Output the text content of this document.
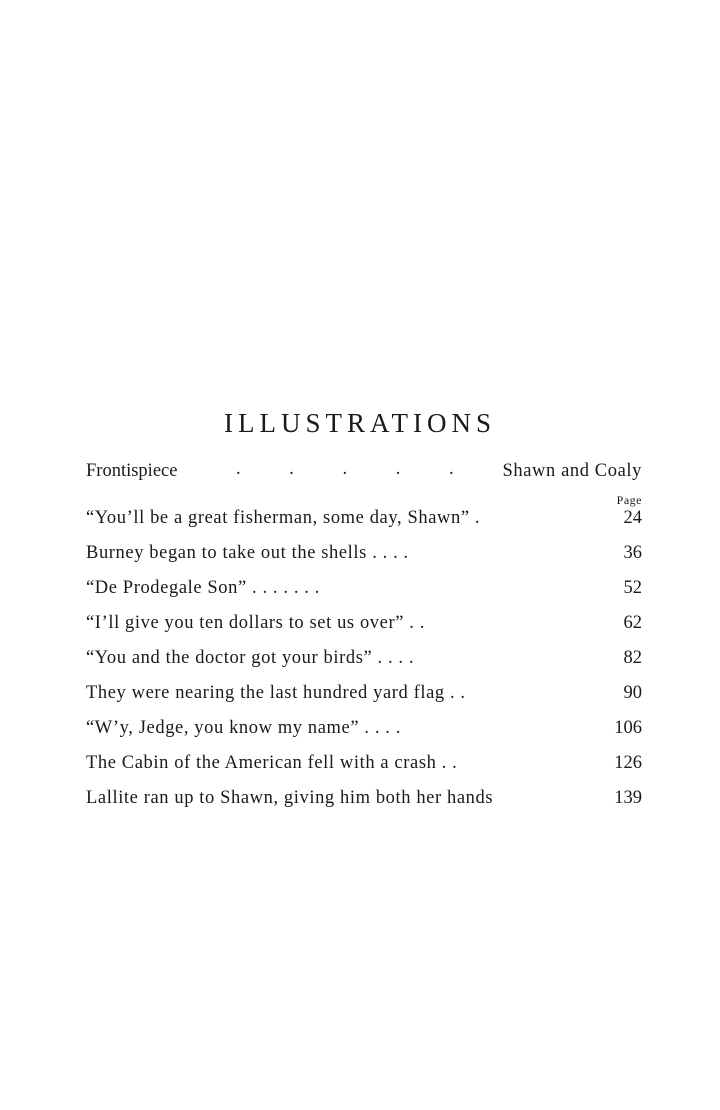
ILLUSTRATIONS
Frontispiece	. . . . . Shawn and Coaly
Page
“You’ll be a great fisherman, some day, Shawn” .	24
Burney began to take out the shells . . . .	36
“De Prodegale Son” . . . . . . .	52
“I’ll give you ten dollars to set us over” . .	62
“You and the doctor got your birds” . . . .	82
They were nearing the last hundred yard flag . .	90
“W’y, Jedge, you know my name” . . . .	106
The Cabin of the American fell with a crash . .	126
Lallite ran up to Shawn, giving him both her hands	139
